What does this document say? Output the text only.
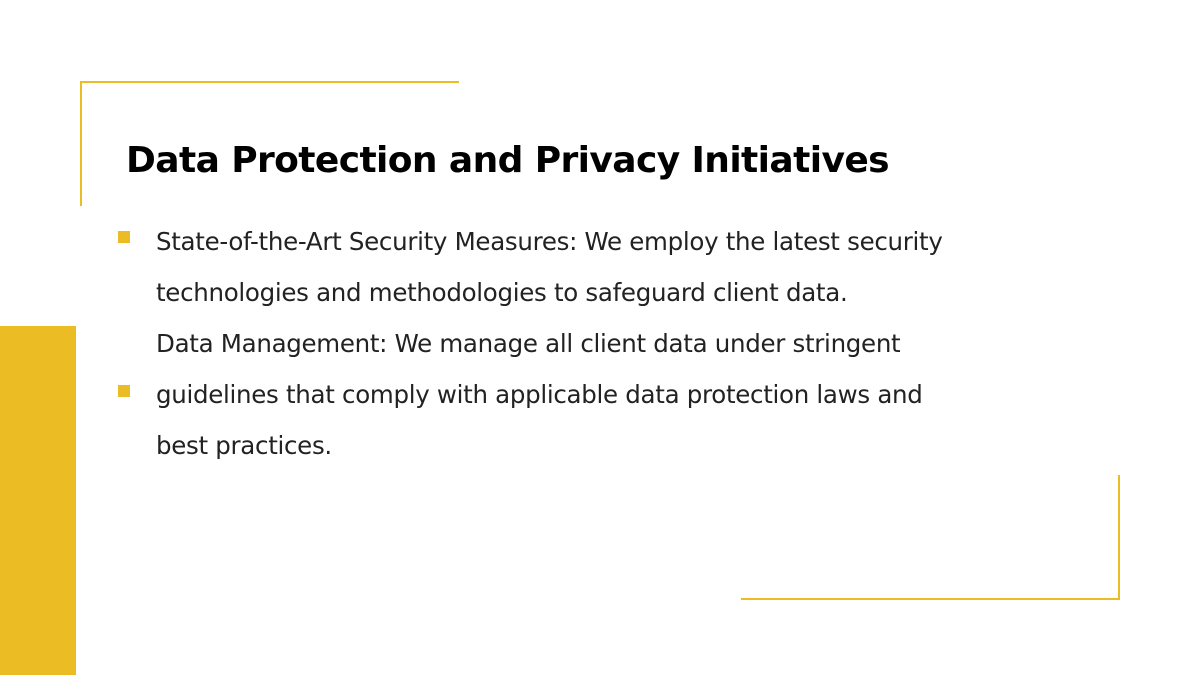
Data Protection and Privacy Initiatives
State-of-the-Art Security Measures: We employ the latest security
technologies and methodologies to safeguard client data.
Data Management: We manage all client data under stringent
guidelines that comply with applicable data protection laws and
best practices.
